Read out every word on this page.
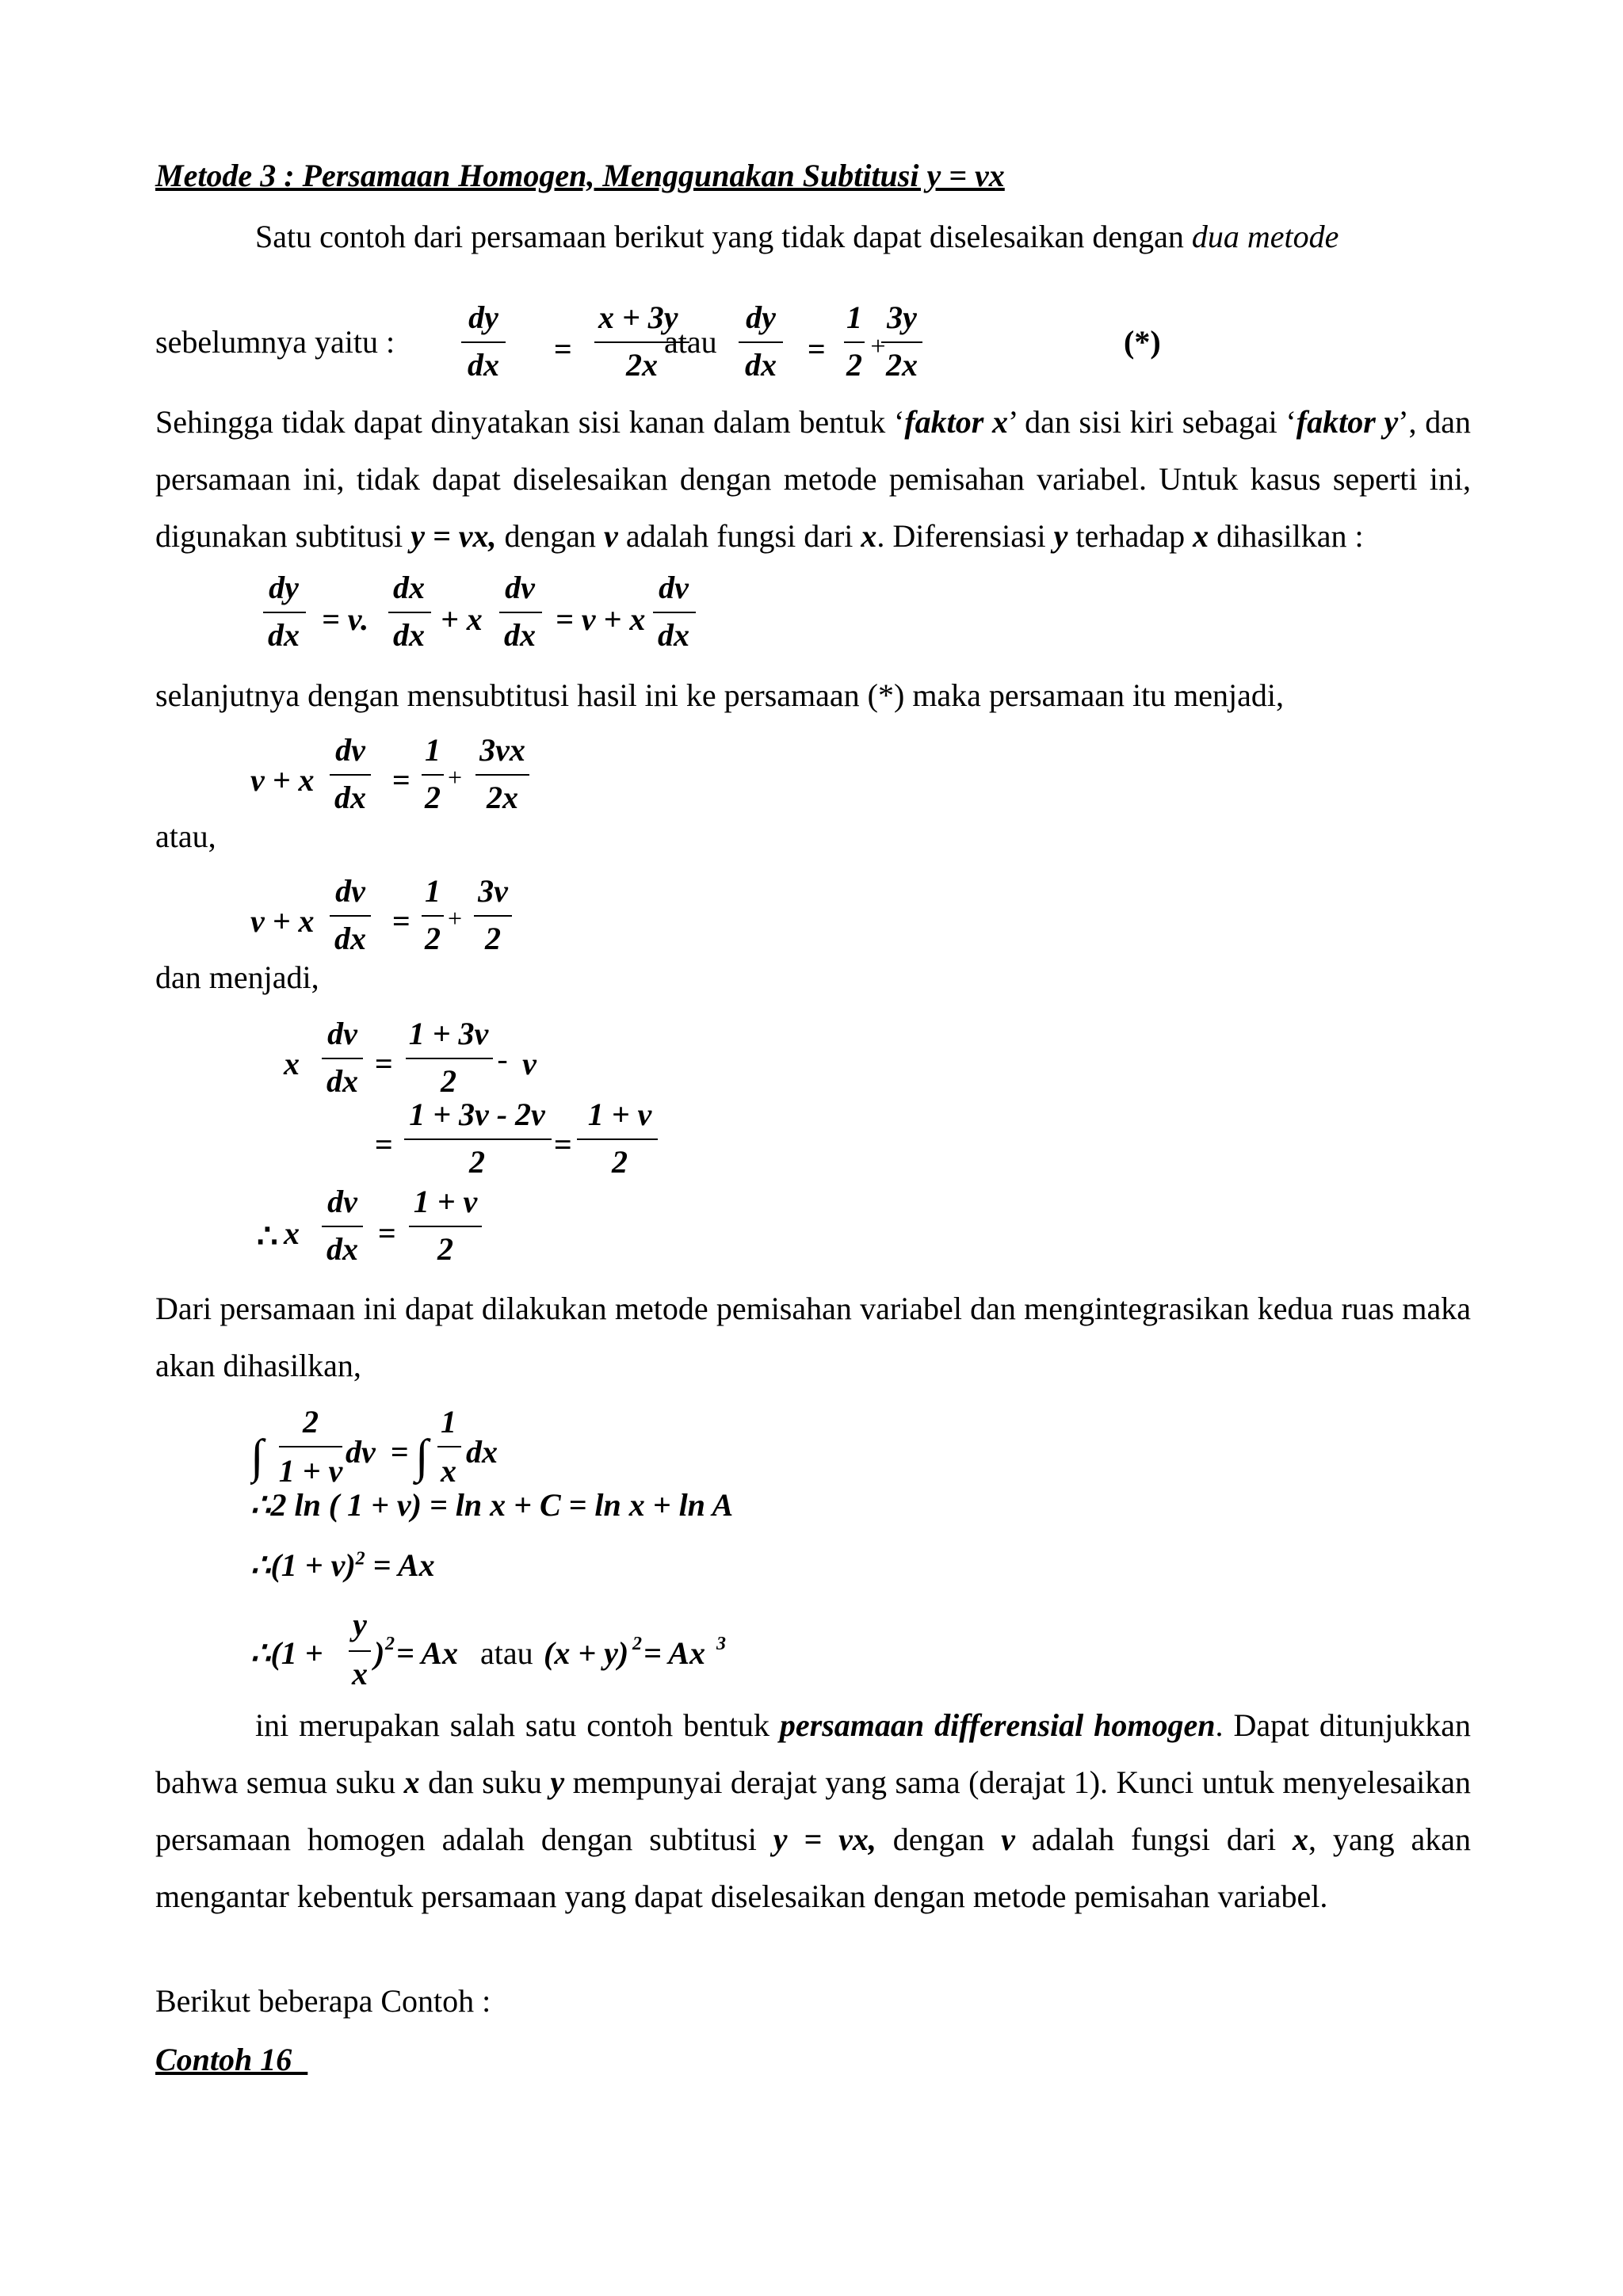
Metode 3 : Persamaan Homogen, Menggunakan Subtitusi y = vx

Satu contoh dari persamaan berikut yang tidak dapat diselesaikan dengan dua metode

sebelumnya yaitu :
dy
dx =
x + 3y
2x
dy
dx =
1
2
3y
2x
+
atau	(*)

Sehingga tidak dapat dinyatakan sisi kanan dalam bentuk ‘faktor x’ dan sisi kiri sebagai ‘faktor y’, dan persamaan ini, tidak dapat diselesaikan dengan metode pemisahan variabel. Untuk kasus seperti ini, digunakan subtitusi y = vx, dengan v adalah fungsi dari x. Diferensiasi y terhadap x dihasilkan :

dy
dx = v.
dx
dx + x
dv
dx = v + x
dv
dx
selanjutnya dengan mensubtitusi hasil ini ke persamaan (*) maka persamaan itu menjadi,
v + x
dv
dx =
1
2
3vx
2x
+
atau,
v + x
dv
dx =
1
2
3v
2
+
dan menjadi,
x
dv
dx =
1 + 3v
2 v
=
1 + 3v - 2v
2 =
1 + v
2
x
dv
dx =
1 + v
2
-
∴

Dari persamaan ini dapat dilakukan metode pemisahan variabel dan mengintegrasikan kedua ruas maka akan dihasilkan,

2
1 + v
dv =
1
x
dx
∫	∫
∴2 ln ( 1 + v) = ln x + C = ln x + ln A
∴(1 + v)$^2$ = Ax
∴(1 +
y
x
) 2 = Ax	(x + y) 2 = Ax 3
atau

ini merupakan salah satu contoh bentuk persamaan differensial homogen. Dapat ditunjukkan bahwa semua suku x dan suku y mempunyai derajat yang sama (derajat 1). Kunci untuk menyelesaikan persamaan homogen adalah dengan subtitusi y = vx, dengan v adalah fungsi dari x, yang akan mengantar kebentuk persamaan yang dapat diselesaikan dengan metode pemisahan variabel.

Berikut beberapa Contoh :
Contoh 16
